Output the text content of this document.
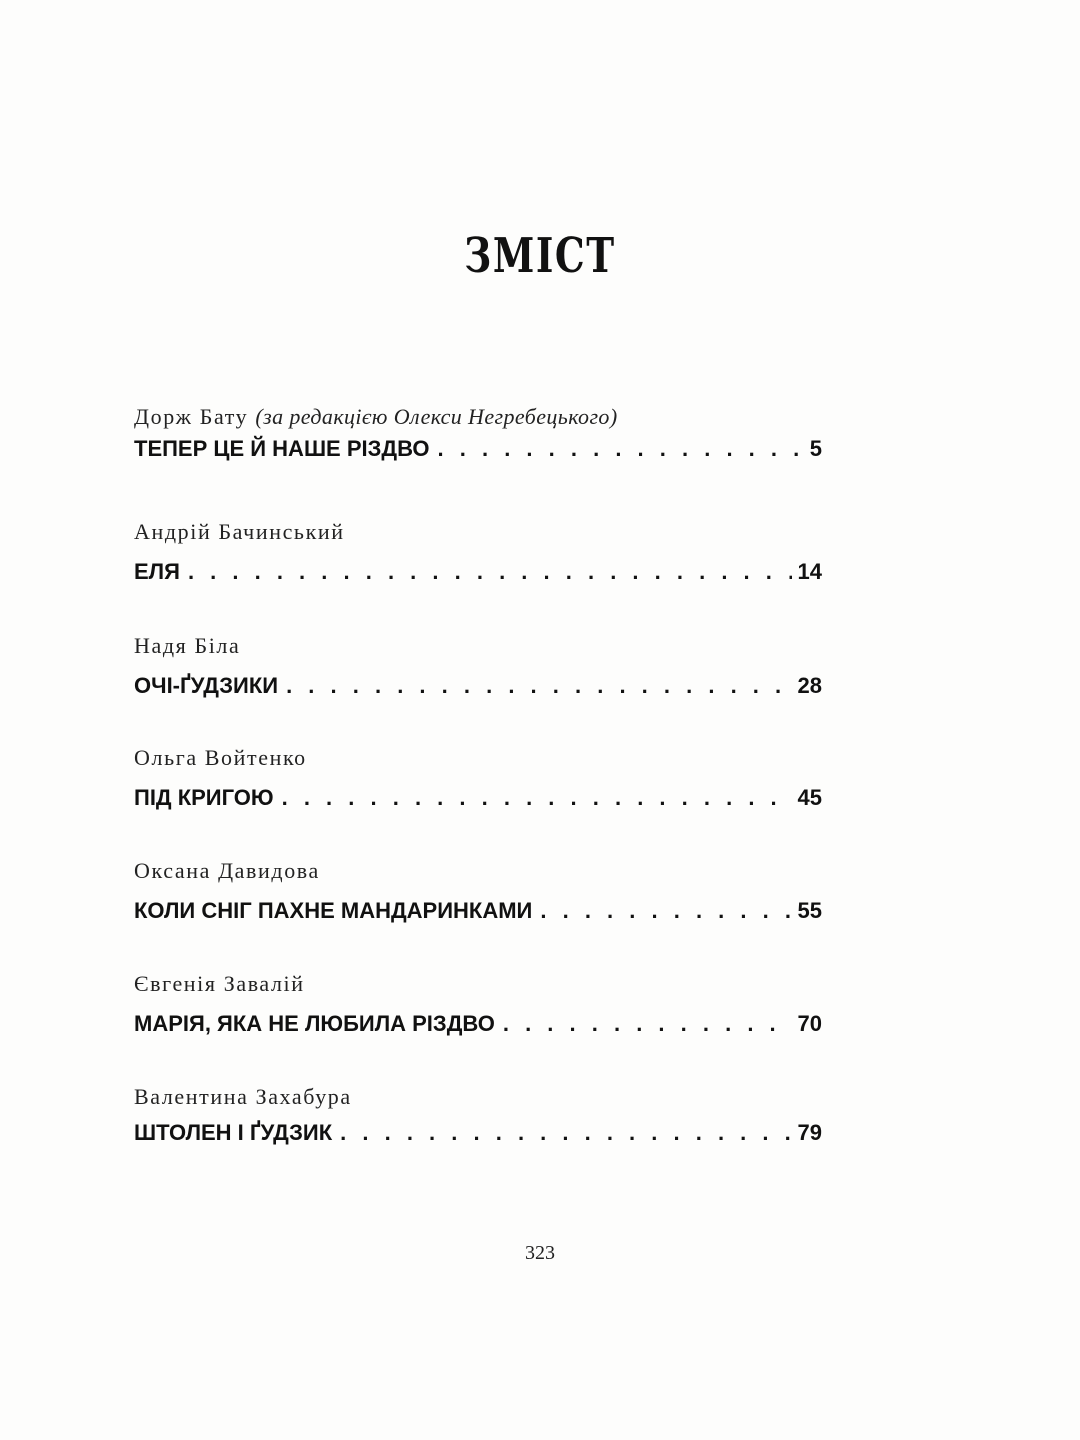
ЗМІСТ
Дорж Бату (за редакцією Олекси Негребецького)
ТЕПЕР ЦЕ Й НАШЕ РІЗДВО . . .	5
Андрій Бачинський
ЕЛЯ . . .	14
Надя Біла
ОЧІ-ҐУДЗИКИ . . .	28
Ольга Войтенко
ПІД КРИГОЮ . . .	45
Оксана Давидова
КОЛИ СНІГ ПАХНЕ МАНДАРИНКАМИ . . .	55
Євгенія Завалій
МАРІЯ, ЯКА НЕ ЛЮБИЛА РІЗДВО . . .	70
Валентина Захабура
ШТОЛЕН І ҐУДЗИК . . .	79
323
